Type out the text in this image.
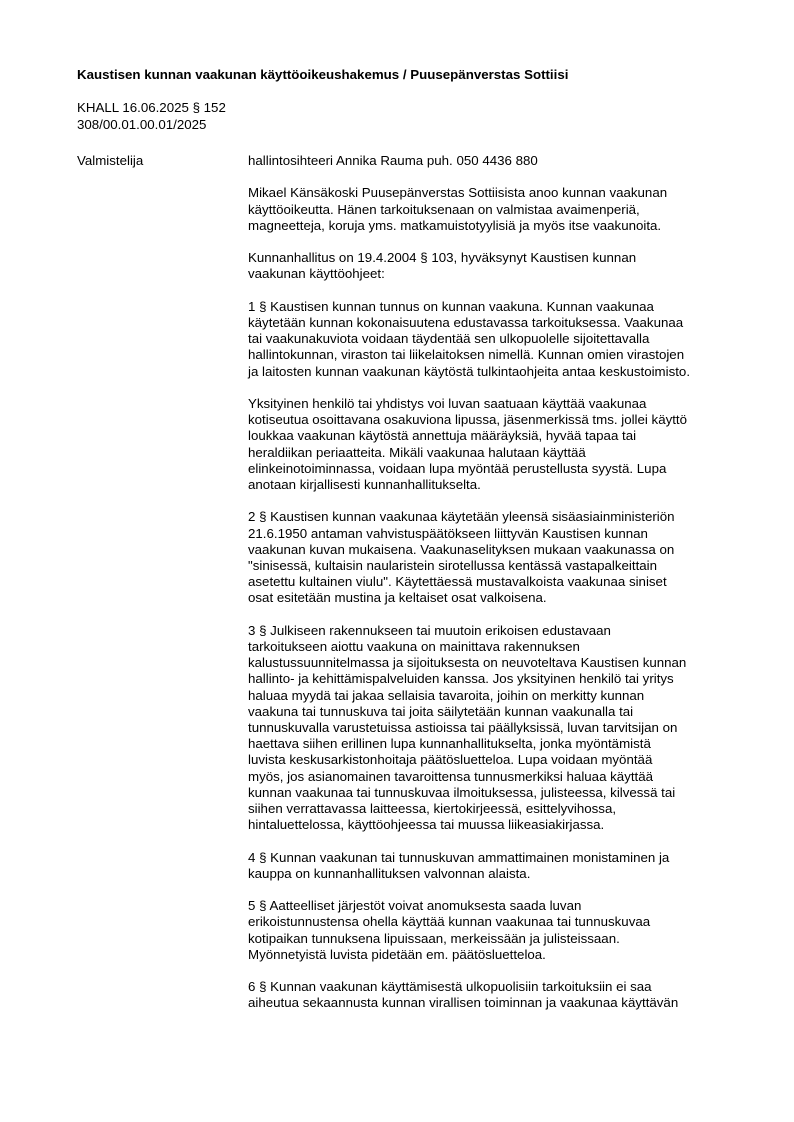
Kaustisen kunnan vaakunan käyttöoikeushakemus / Puusepänverstas Sottiisi
KHALL 16.06.2025 § 152
308/00.01.00.01/2025
Valmistelija	hallintosihteeri Annika Rauma puh. 050 4436 880

Mikael Känsäkoski Puusepänverstas Sottiisista anoo kunnan vaakunan
käyttöoikeutta. Hänen tarkoituksenaan on valmistaa avaimenperiä,
magneetteja, koruja yms. matkamuistotyylisiä ja myös itse vaakunoita.

Kunnanhallitus on 19.4.2004 § 103, hyväksynyt Kaustisen kunnan
vaakunan käyttöohjeet:

1 § Kaustisen kunnan tunnus on kunnan vaakuna. Kunnan vaakunaa
käytetään kunnan kokonaisuutena edustavassa tarkoituksessa. Vaakunaa
tai vaakunakuviota voidaan täydentää sen ulkopuolelle sijoitettavalla
hallintokunnan, viraston tai liikelaitoksen nimellä. Kunnan omien virastojen
ja laitosten kunnan vaakunan käytöstä tulkintaohjeita antaa keskustoimisto.

Yksityinen henkilö tai yhdistys voi luvan saatuaan käyttää vaakunaa
kotiseutua osoittavana osakuviona lipussa, jäsenmerkissä tms. jollei käyttö
loukkaa vaakunan käytöstä annettuja määräyksiä, hyvää tapaa tai
heraldiikan periaatteita. Mikäli vaakunaa halutaan käyttää
elinkeinotoiminnassa, voidaan lupa myöntää perustellusta syystä. Lupa
anotaan kirjallisesti kunnanhallitukselta.

2 § Kaustisen kunnan vaakunaa käytetään yleensä sisäasiainministeriön
21.6.1950 antaman vahvistuspäätökseen liittyvän Kaustisen kunnan
vaakunan kuvan mukaisena. Vaakunaselityksen mukaan vaakunassa on
"sinisessä, kultaisin naularistein sirotellussa kentässä vastapalkeittain
asetettu kultainen viulu". Käytettäessä mustavalkoista vaakunaa siniset
osat esitetään mustina ja keltaiset osat valkoisena.

3 § Julkiseen rakennukseen tai muutoin erikoisen edustavaan
tarkoitukseen aiottu vaakuna on mainittava rakennuksen
kalustussuunnitelmassa ja sijoituksesta on neuvoteltava Kaustisen kunnan
hallinto- ja kehittämispalveluiden kanssa. Jos yksityinen henkilö tai yritys
haluaa myydä tai jakaa sellaisia tavaroita, joihin on merkitty kunnan
vaakuna tai tunnuskuva tai joita säilytetään kunnan vaakunalla tai
tunnuskuvalla varustetuissa astioissa tai päällyksissä, luvan tarvitsijan on
haettava siihen erillinen lupa kunnanhallitukselta, jonka myöntämistä
luvista keskusarkistonhoitaja päätösluetteloa. Lupa voidaan myöntää
myös, jos asianomainen tavaroittensa tunnusmerkiksi haluaa käyttää
kunnan vaakunaa tai tunnuskuvaa ilmoituksessa, julisteessa, kilvessä tai
siihen verrattavassa laitteessa, kiertokirjeessä, esittelyvihossa,
hintaluettelossa, käyttöohjeessa tai muussa liikeasiakirjassa.

4 § Kunnan vaakunan tai tunnuskuvan ammattimainen monistaminen ja
kauppa on kunnanhallituksen valvonnan alaista.

5 § Aatteelliset järjestöt voivat anomuksesta saada luvan
erikoistunnustensa ohella käyttää kunnan vaakunaa tai tunnuskuvaa
kotipaikan tunnuksena lipuissaan, merkeissään ja julisteissaan.
Myönnetyistä luvista pidetään em. päätösluetteloa.

6 § Kunnan vaakunan käyttämisestä ulkopuolisiin tarkoituksiin ei saa
aiheutua sekaannusta kunnan virallisen toiminnan ja vaakunaa käyttävän
